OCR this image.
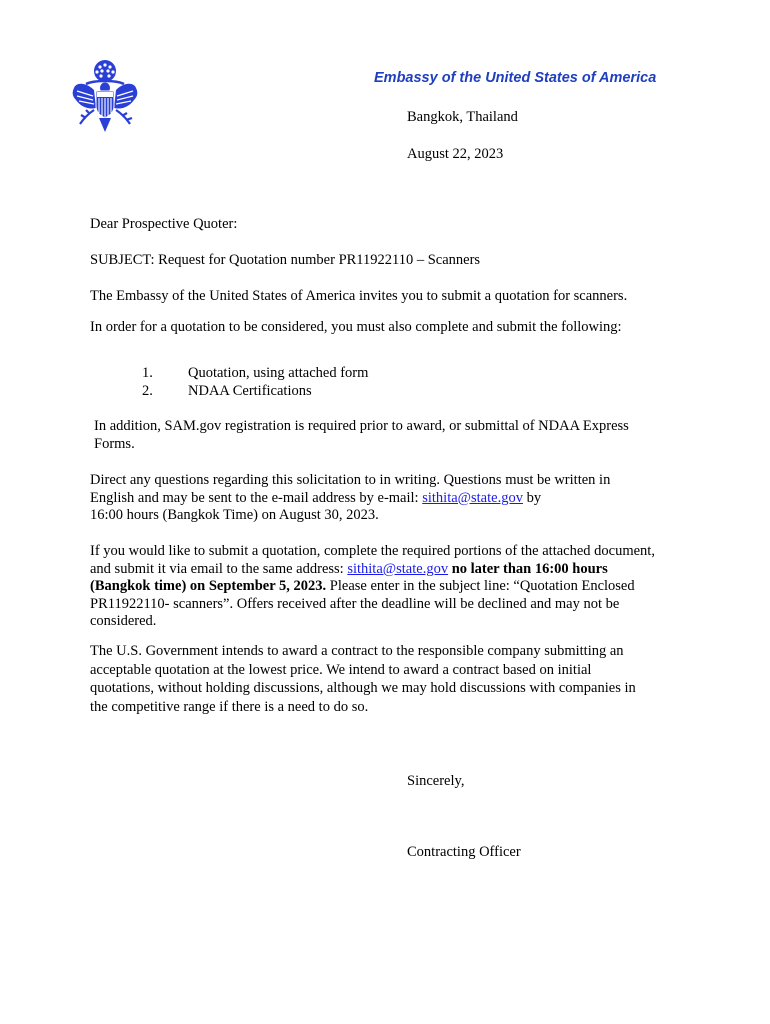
Embassy of the United States of America
Bangkok, Thailand
August 22, 2023
Dear Prospective Quoter:
SUBJECT: Request for Quotation number PR11922110 – Scanners
The Embassy of the United States of America invites you to submit a quotation for scanners.
In order for a quotation to be considered, you must also complete and submit the following:
1. Quotation, using attached form
2. NDAA Certifications
In addition, SAM.gov registration is required prior to award, or submittal of NDAA Express
Forms.
Direct any questions regarding this solicitation to in writing. Questions must be written in
English and may be sent to the e-mail address by e-mail: sithita@state.gov by
16:00 hours (Bangkok Time) on August 30, 2023.
If you would like to submit a quotation, complete the required portions of the attached document,
and submit it via email to the same address: sithita@state.gov no later than 16:00 hours
(Bangkok time) on September 5, 2023. Please enter in the subject line: “Quotation Enclosed
PR11922110- scanners”. Offers received after the deadline will be declined and may not be
considered.
The U.S. Government intends to award a contract to the responsible company submitting an
acceptable quotation at the lowest price. We intend to award a contract based on initial
quotations, without holding discussions, although we may hold discussions with companies in
the competitive range if there is a need to do so.
Sincerely,
Contracting Officer
